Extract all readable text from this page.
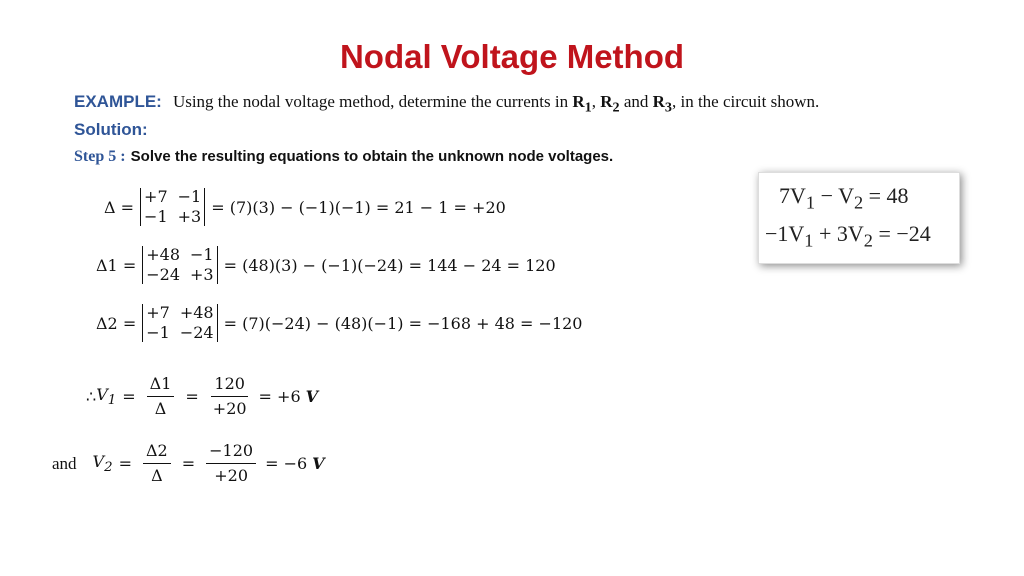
Nodal Voltage Method
EXAMPLE: Using the nodal voltage method, determine the currents in $R_1$, $R_2$ and $R_3$, in the circuit shown.
Solution:
Step 5 : Solve the resulting equations to obtain the unknown node voltages.
Δ =
+7 −1
−1 +3 = (7)(3) − (−1)(−1) = 21 − 1 = +20
Δ1 =
+48 −1
−24 +3 = (48)(3) − (−1)(−24) = 144 − 24 = 120
Δ2 =
+7 +48
−1 −24 = (7)(−24) − (48)(−1) = −168 + 48 = −120
∴ $V_1 = \frac{\Delta 1}{\Delta} = \frac{120}{+20} = +6$ V
and $V_2 = \frac{\Delta 2}{\Delta} = \frac{-120}{+20} = -6$ V
$7V_1 - V_2 = 48$
$-1V_1 + 3V_2 = -24$
